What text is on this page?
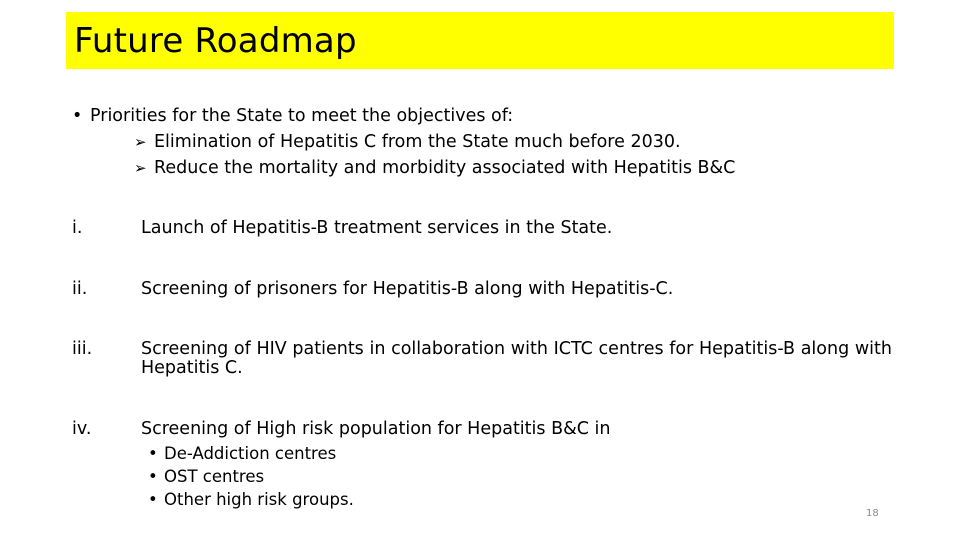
Future Roadmap
• Priorities for the State to meet the objectives of:
➢ Elimination of Hepatitis C from the State much before 2030.
➢ Reduce the mortality and morbidity associated with Hepatitis B&C
i.	Launch of Hepatitis-B treatment services in the State.
ii.	Screening of prisoners for Hepatitis-B along with Hepatitis-C.
iii.	Screening of HIV patients in collaboration with ICTC centres for Hepatitis-B along with Hepatitis C.
iv.	Screening of High risk population for Hepatitis B&C in
• De-Addiction centres
• OST centres
• Other high risk groups.
18
